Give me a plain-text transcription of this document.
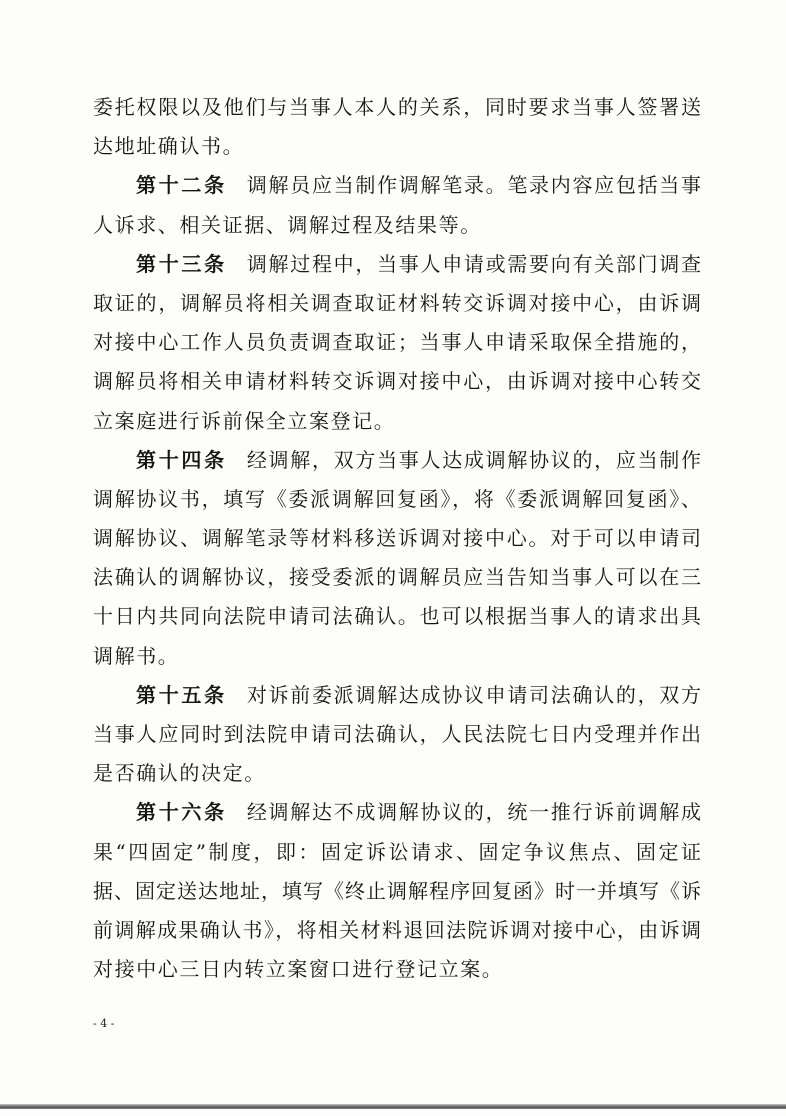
委托权限以及他们与当事人本人的关系，同时要求当事人签署送
达地址确认书。
第十二条 调解员应当制作调解笔录。笔录内容应包括当事
人诉求、相关证据、调解过程及结果等。
第十三条 调解过程中，当事人申请或需要向有关部门调查
取证的，调解员将相关调查取证材料转交诉调对接中心，由诉调
对接中心工作人员负责调查取证；当事人申请采取保全措施的，
调解员将相关申请材料转交诉调对接中心，由诉调对接中心转交
立案庭进行诉前保全立案登记。
第十四条 经调解，双方当事人达成调解协议的，应当制作
调解协议书，填写《委派调解回复函》，将《委派调解回复函》、
调解协议、调解笔录等材料移送诉调对接中心。对于可以申请司
法确认的调解协议，接受委派的调解员应当告知当事人可以在三
十日内共同向法院申请司法确认。也可以根据当事人的请求出具
调解书。
第十五条 对诉前委派调解达成协议申请司法确认的，双方
当事人应同时到法院申请司法确认，人民法院七日内受理并作出
是否确认的决定。
第十六条 经调解达不成调解协议的，统一推行诉前调解成
果“四固定”制度，即：固定诉讼请求、固定争议焦点、固定证
据、固定送达地址，填写《终止调解程序回复函》时一并填写《诉
前调解成果确认书》，将相关材料退回法院诉调对接中心，由诉调
对接中心三日内转立案窗口进行登记立案。
- 4 -
